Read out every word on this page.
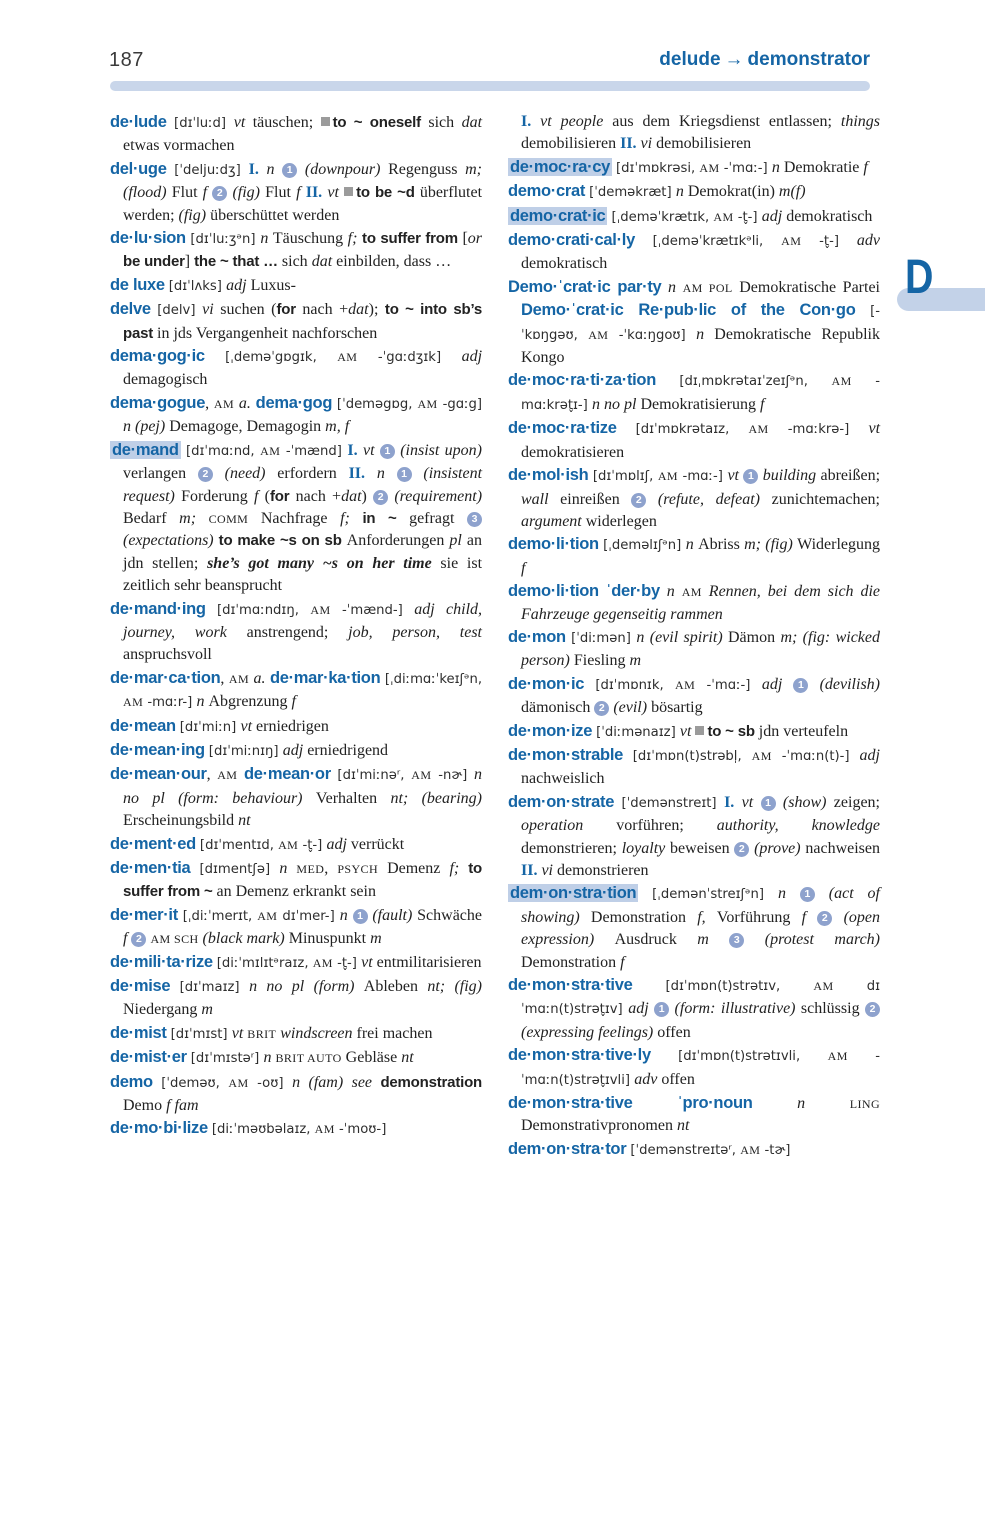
187	delude → demonstrator
D

de·lude [dɪˈluːd] vt täuschen; to ~ oneself sich dat etwas vormachen

del·uge [ˈdeljuːdʒ] I. n 1 (downpour) Regenguss m; (flood) Flut f 2 (fig) Flut f II. vt to be ~d überflutet werden; (fig) überschüttet werden

de·lu·sion [dɪˈluːʒᵊn] n Täuschung f; to suffer from [or be under] the ~ that … sich dat einbilden, dass …

de luxe [dɪˈlʌks] adj Luxus-

delve [delv] vi suchen (for nach +dat); to ~ into sb’s past in jds Vergangenheit nachforschen

dema·gog·ic [ˌdeməˈgɒgɪk, AM -ˈgɑːdʒɪk] adj demagogisch

dema·gogue, AM a. dema·gog [ˈdeməgɒg, AM -gɑːg] n (pej) Demagoge, Demagogin m, f

de·mand [dɪˈmɑːnd, AM -ˈmænd] I. vt 1 (insist upon) verlangen 2 (need) erfordern II. n 1 (insistent request) Forderung f (for nach +dat) 2 (requirement) Bedarf m; COMM Nachfrage f; in ~ gefragt 3 (expectations) to make ~s on sb Anforderungen pl an jdn stellen; she’s got many ~s on her time sie ist zeitlich sehr beansprucht

de·mand·ing [dɪˈmɑːndɪŋ, AM -ˈmænd-] adj child, journey, work anstrengend; job, person, test anspruchsvoll

de·mar·ca·tion, AM a. de·mar·ka·tion [ˌdiːmɑːˈkeɪʃᵊn, AM -mɑːr-] n Abgrenzung f

de·mean [dɪˈmiːn] vt erniedrigen

de·mean·ing [dɪˈmiːnɪŋ] adj erniedrigend

de·mean·our, AM de·mean·or [dɪˈmiːnəʳ, AM -nɚ] n no pl (form: behaviour) Verhalten nt; (bearing) Erscheinungsbild nt

de·ment·ed [dɪˈmentɪd, AM -t̬-] adj verrückt

de·men·tia [dɪmentʃə] n MED, PSYCH Demenz f; to suffer from ~ an Demenz erkrankt sein

de·mer·it [ˌdiːˈmerɪt, AM dɪˈmer-] n 1 (fault) Schwäche f 2 AM SCH (black mark) Minuspunkt m

de·mili·ta·rize [diːˈmɪlɪtᵊraɪz, AM -t̬-] vt entmilitarisieren

de·mise [dɪˈmaɪz] n no pl (form) Ableben nt; (fig) Niedergang m

de·mist [dɪˈmɪst] vt BRIT windscreen frei machen

de·mist·er [dɪˈmɪstəʳ] n BRIT AUTO Gebläse nt

demo [ˈdeməʊ, AM -oʊ] n (fam) see demonstration Demo f fam

de·mo·bi·lize [diːˈməʊbəlaɪz, AM -ˈmoʊ-]

I. vt people aus dem Kriegsdienst entlassen; things demobilisieren II. vi demobilisieren

de·moc·ra·cy [dɪˈmɒkrəsi, AM -ˈmɑː-] n Demokratie f

demo·crat [ˈdeməkræt] n Demokrat(in) m(f)

demo·crat·ic [ˌdeməˈkrætɪk, AM -t̬-] adj demokratisch

demo·crati·cal·ly [ˌdeməˈkrætɪkᵊli, AM -t̬-] adv demokratisch

Demo·ˈcrat·ic par·ty n AM POL Demokratische Partei Demo·ˈcrat·ic Re·pub·lic of the Con·go [-ˈkɒŋgəʊ, AM -ˈkɑːŋgoʊ] n Demokratische Republik Kongo

de·moc·ra·ti·za·tion [dɪˌmɒkrətaɪˈzeɪʃᵊn, AM -mɑːkrət̬ɪ-] n no pl Demokratisierung f

de·moc·ra·tize [dɪˈmɒkrətaɪz, AM -mɑːkrə-] vt demokratisieren

de·mol·ish [dɪˈmɒlɪʃ, AM -mɑː-] vt 1 building abreißen; wall einreißen 2 (refute, defeat) zunichtemachen; argument widerlegen

demo·li·tion [ˌdeməlɪʃᵊn] n Abriss m; (fig) Widerlegung f

demo·li·tion ˈder·by n AM Rennen, bei dem sich die Fahrzeuge gegenseitig rammen

de·mon [ˈdiːmən] n (evil spirit) Dämon m; (fig: wicked person) Fiesling m

de·mon·ic [dɪˈmɒnɪk, AM -ˈmɑː-] adj 1 (devilish) dämonisch 2 (evil) bösartig

de·mon·ize [ˈdiːmənaɪz] vt to ~ sb jdn verteufeln

de·mon·strable [dɪˈmɒn(t)strəbl̩, AM -ˈmɑːn(t)-] adj nachweislich

dem·on·strate [ˈdemənstreɪt] I. vt 1 (show) zeigen; operation vorführen; authority, knowledge demonstrieren; loyalty beweisen 2 (prove) nachweisen II. vi demonstrieren

dem·on·stra·tion [ˌdemənˈstreɪʃᵊn] n 1 (act of showing) Demonstration f, Vorführung f 2 (open expression) Ausdruck m 3 (protest march) Demonstration f

de·mon·stra·tive	[dɪˈmɒn(t)strətɪv, AM dɪˈmɑːn(t)strət̬ɪv] adj 1 (form: illustrative) schlüssig 2 (expressing feelings) offen

de·mon·stra·tive·ly [dɪˈmɒn(t)strətɪvli, AM -ˈmɑːn(t)strət̬ɪvli] adv offen

de·mon·stra·tive ˈpro·noun	n LING Demonstrativpronomen nt

dem·on·stra·tor [ˈdemənstreɪtəʳ, AM -tɚ]
